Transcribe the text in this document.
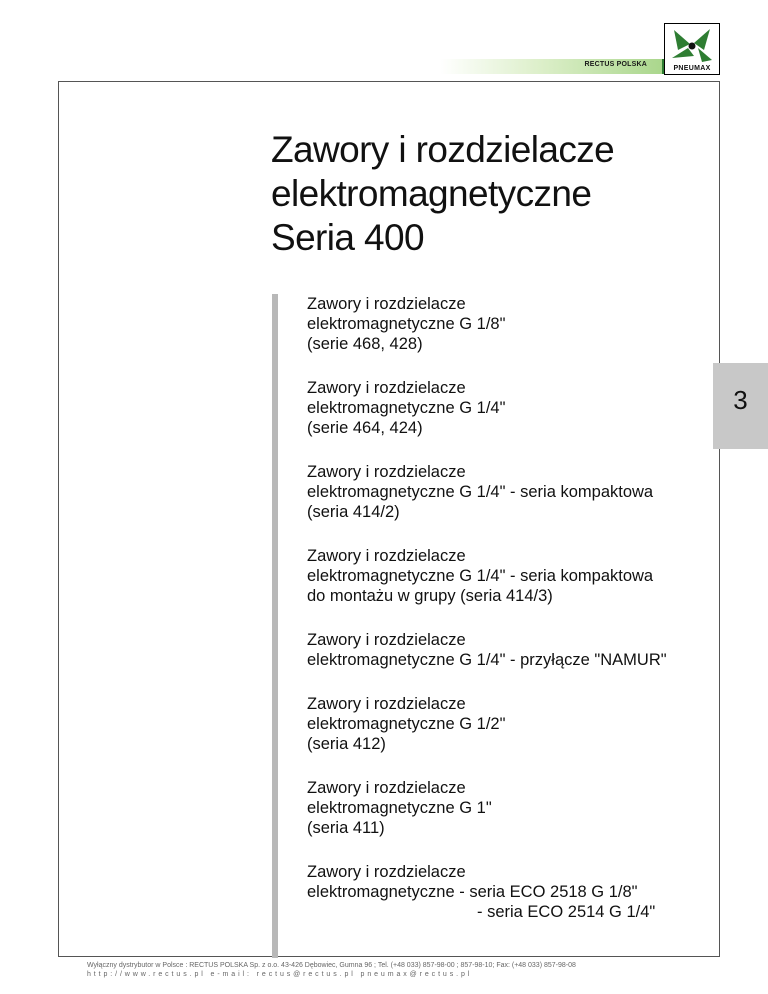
RECTUS POLSKA
PNEUMAX
Zawory i rozdzielacze
elektromagnetyczne
Seria 400
3
Zawory i rozdzielacze
elektromagnetyczne G 1/8"
(serie 468, 428)
Zawory i rozdzielacze
elektromagnetyczne G 1/4"
(serie 464, 424)
Zawory i rozdzielacze
elektromagnetyczne G 1/4" - seria kompaktowa
(seria 414/2)
Zawory i rozdzielacze
elektromagnetyczne G 1/4" - seria kompaktowa
do montażu w grupy (seria 414/3)
Zawory i rozdzielacze
elektromagnetyczne G 1/4" - przyłącze "NAMUR"
Zawory i rozdzielacze
elektromagnetyczne G 1/2"
(seria 412)
Zawory i rozdzielacze
elektromagnetyczne G 1"
(seria 411)
Zawory i rozdzielacze
elektromagnetyczne - seria ECO 2518 G 1/8"
- seria ECO 2514 G 1/4"
Wyłączny dystrybutor w Polsce : RECTUS POLSKA Sp. z o.o. 43-426 Dębowiec, Gumna 96 ; Tel. (+48 033) 857-98-00 ; 857-98-10; Fax: (+48 033) 857-98-08
http://www.rectus.pl e-mail: rectus@rectus.pl pneumax@rectus.pl
